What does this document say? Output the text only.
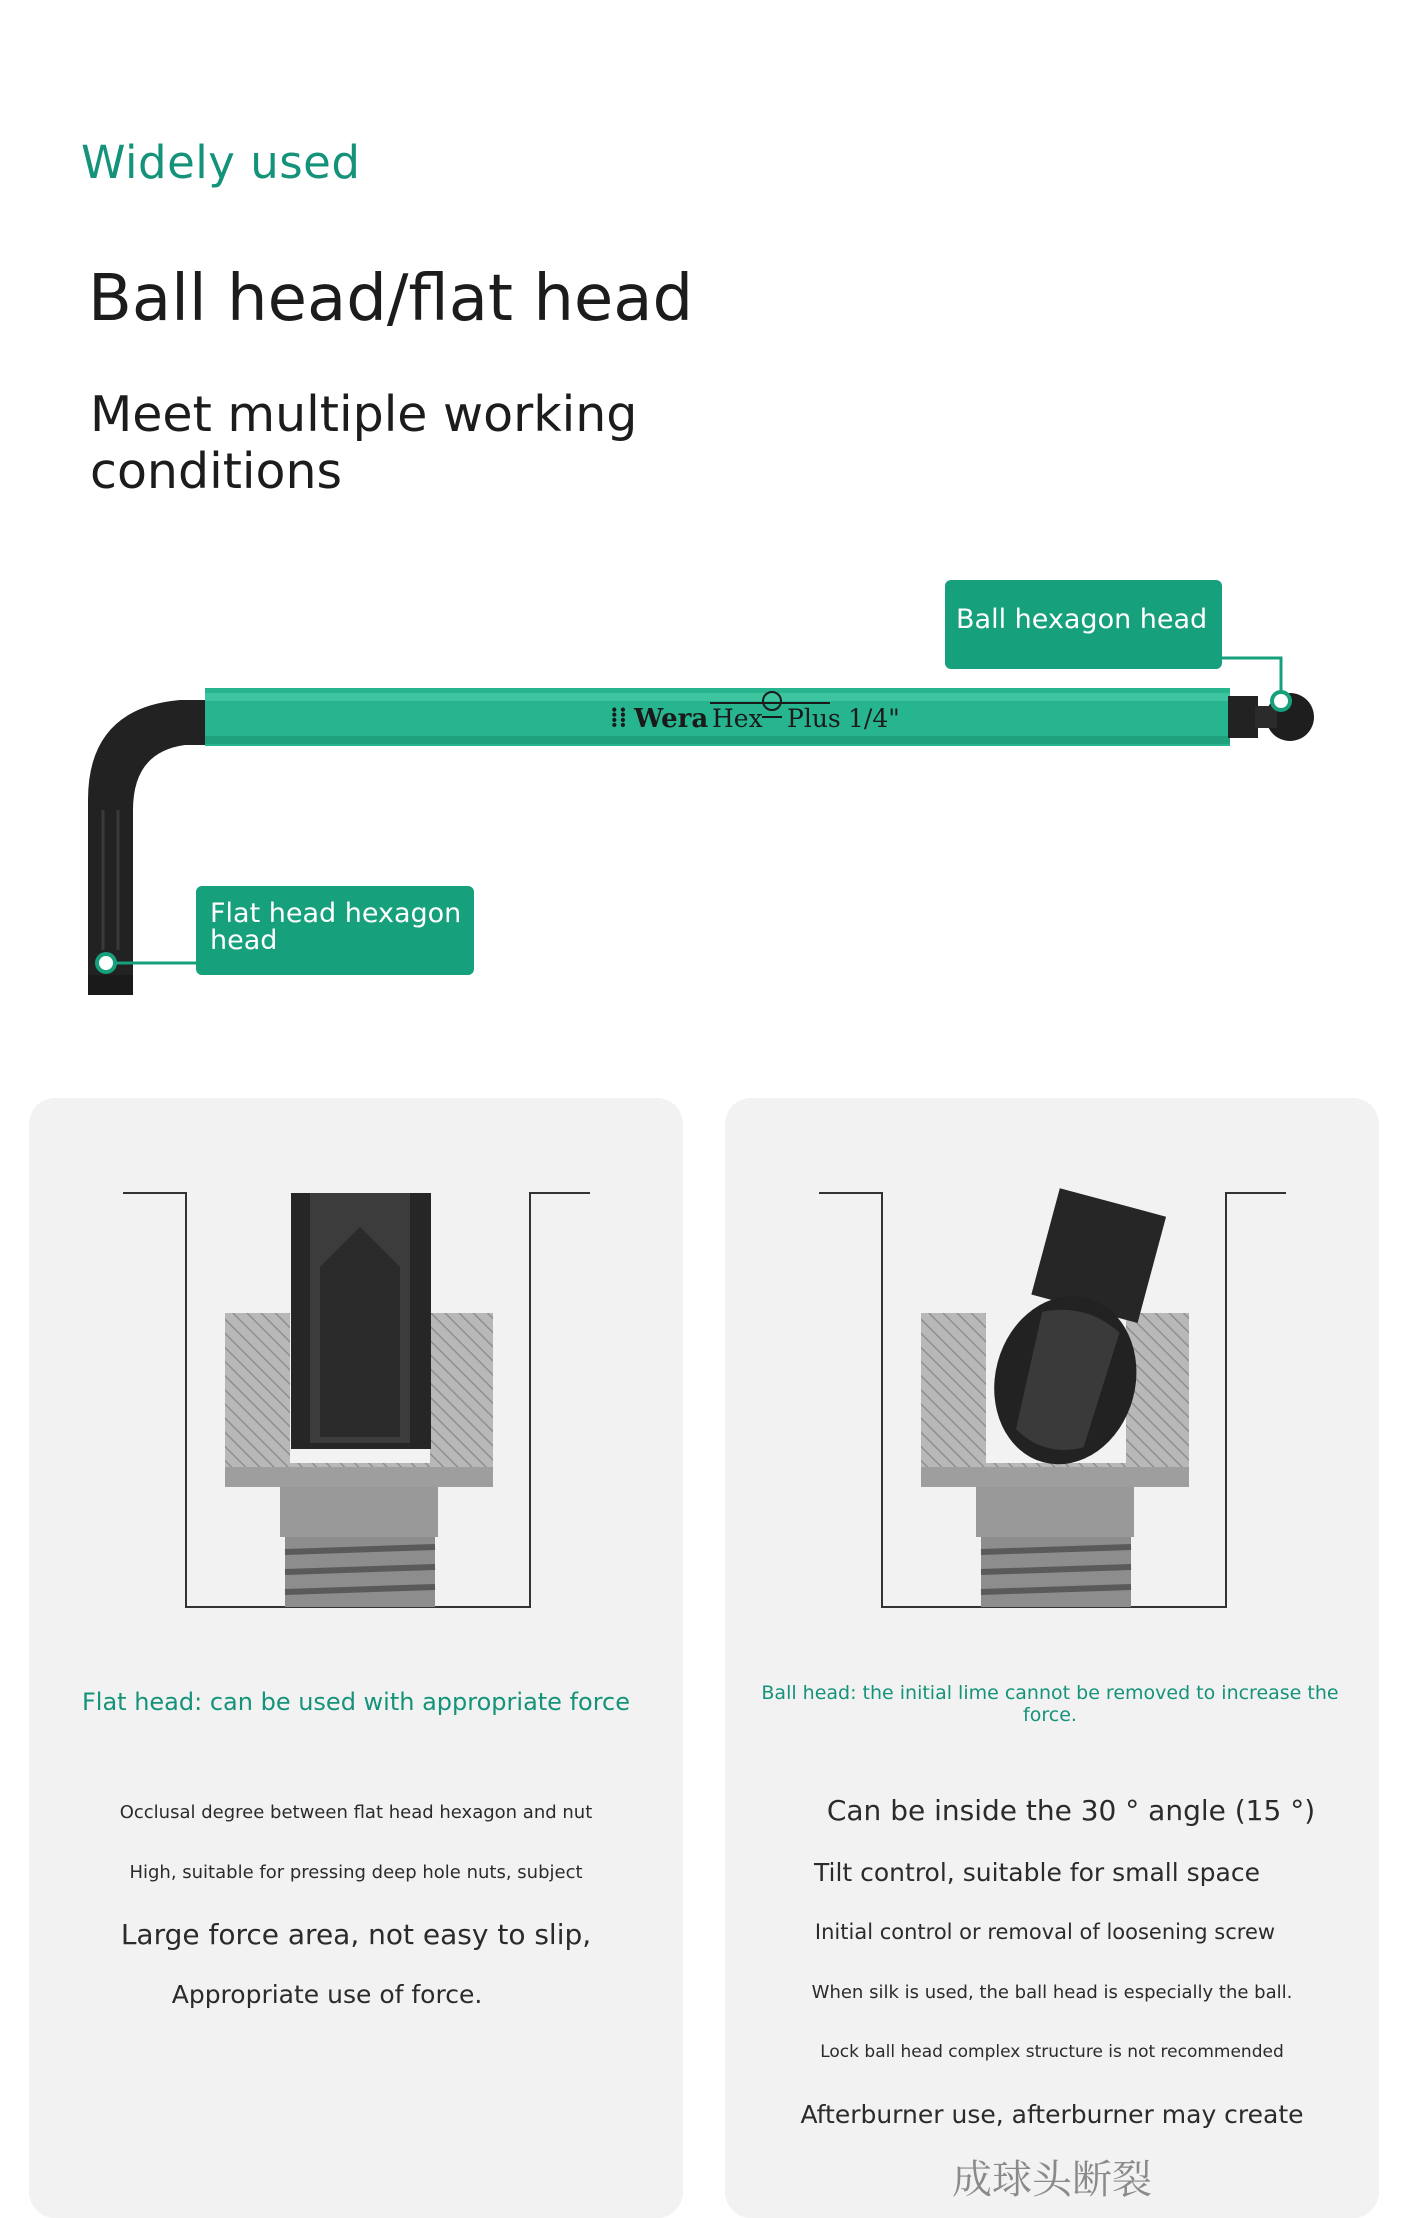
Widely used
Ball head/flat head
Meet multiple working conditions
⁞⁞ Wera Hex Plus 1/4"
Ball hexagon head
Flat head hexagon head
Flat head: can be used with appropriate force	Ball head: the initial lime cannot be removed to increase the force.
Occlusal degree between flat head hexagon and nut
High, suitable for pressing deep hole nuts, subject
Large force area, not easy to slip,
Appropriate use of force.
Can be inside the 30 ° angle (15 °)
Tilt control, suitable for small space
Initial control or removal of loosening screw
When silk is used, the ball head is especially the ball.
Lock ball head complex structure is not recommended
Afterburner use, afterburner may create
成球头断裂
